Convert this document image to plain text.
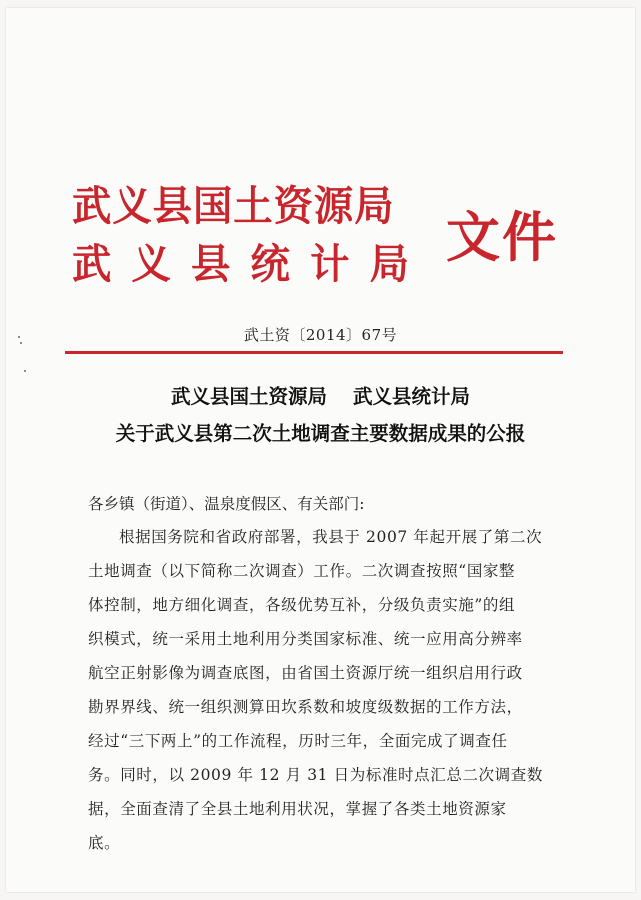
武义县国土资源局
武义县统计局 文件
武土资〔2014〕67号
武义县国土资源局 武义县统计局
关于武义县第二次土地调查主要数据成果的公报
各乡镇（街道）、温泉度假区、有关部门:
根据国务院和省政府部署，我县于 2007 年起开展了第二次
土地调查（以下简称二次调查）工作。二次调查按照“国家整
体控制，地方细化调查，各级优势互补，分级负责实施”的组
织模式，统一采用土地利用分类国家标准、统一应用高分辨率
航空正射影像为调查底图，由省国土资源厅统一组织启用行政
勘界界线、统一组织测算田坎系数和坡度级数据的工作方法，
经过“三下两上”的工作流程，历时三年，全面完成了调查任
务。同时，以 2009 年 12 月 31 日为标准时点汇总二次调查数
据，全面查清了全县土地利用状况，掌握了各类土地资源家
底。
